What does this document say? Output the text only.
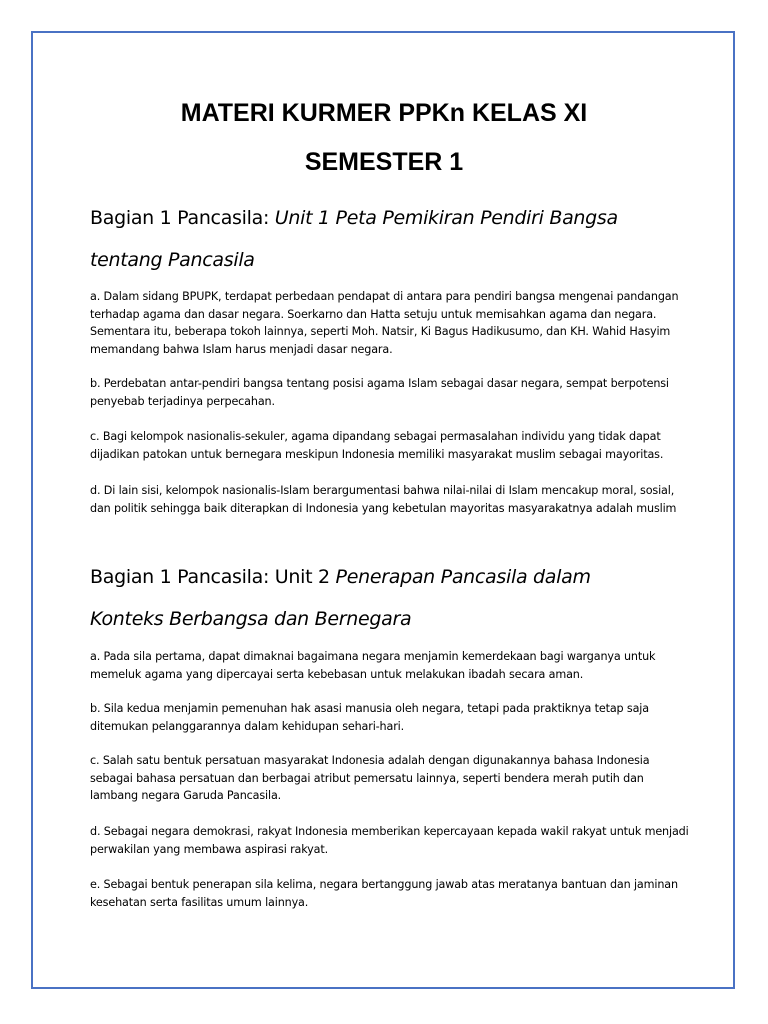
MATERI KURMER PPKn KELAS XI
SEMESTER 1
Bagian 1 Pancasila: Unit 1 Peta Pemikiran Pendiri Bangsa
tentang Pancasila

a. Dalam sidang BPUPK, terdapat perbedaan pendapat di antara para pendiri bangsa mengenai pandangan terhadap agama dan dasar negara. Soerkarno dan Hatta setuju untuk memisahkan agama dan negara. Sementara itu, beberapa tokoh lainnya, seperti Moh. Natsir, Ki Bagus Hadikusumo, dan KH. Wahid Hasyim memandang bahwa Islam harus menjadi dasar negara.

b. Perdebatan antar-pendiri bangsa tentang posisi agama Islam sebagai dasar negara, sempat berpotensi penyebab terjadinya perpecahan.

c. Bagi kelompok nasionalis-sekuler, agama dipandang sebagai permasalahan individu yang tidak dapat dijadikan patokan untuk bernegara meskipun Indonesia memiliki masyarakat muslim sebagai mayoritas.

d. Di lain sisi, kelompok nasionalis-Islam berargumentasi bahwa nilai-nilai di Islam mencakup moral, sosial, dan politik sehingga baik diterapkan di Indonesia yang kebetulan mayoritas masyarakatnya adalah muslim

Bagian 1 Pancasila: Unit 2 Penerapan Pancasila dalam
Konteks Berbangsa dan Bernegara

a. Pada sila pertama, dapat dimaknai bagaimana negara menjamin kemerdekaan bagi warganya untuk memeluk agama yang dipercayai serta kebebasan untuk melakukan ibadah secara aman.

b. Sila kedua menjamin pemenuhan hak asasi manusia oleh negara, tetapi pada praktiknya tetap saja ditemukan pelanggarannya dalam kehidupan sehari-hari.

c. Salah satu bentuk persatuan masyarakat Indonesia adalah dengan digunakannya bahasa Indonesia sebagai bahasa persatuan dan berbagai atribut pemersatu lainnya, seperti bendera merah putih dan lambang negara Garuda Pancasila.

d. Sebagai negara demokrasi, rakyat Indonesia memberikan kepercayaan kepada wakil rakyat untuk menjadi perwakilan yang membawa aspirasi rakyat.

e. Sebagai bentuk penerapan sila kelima, negara bertanggung jawab atas meratanya bantuan dan jaminan kesehatan serta fasilitas umum lainnya.
